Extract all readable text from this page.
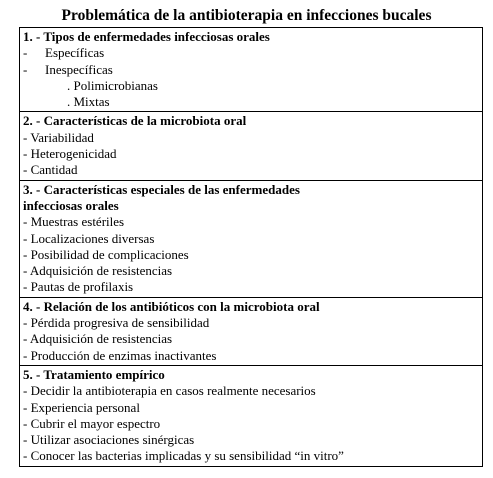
Problemática de la antibioterapia en infecciones bucales
1. - Tipos de enfermedades infecciosas orales
-	Específicas
-	Inespecíficas
. Polimicrobianas
. Mixtas

2. - Características de la microbiota oral
- Variabilidad
- Heterogenicidad
- Cantidad

3. - Características especiales de las enfermedades
infecciosas orales
- Muestras estériles
- Localizaciones diversas
- Posibilidad de complicaciones
- Adquisición de resistencias
- Pautas de profilaxis

4. - Relación de los antibióticos con la microbiota oral
- Pérdida progresiva de sensibilidad
- Adquisición de resistencias
- Producción de enzimas inactivantes

5. - Tratamiento empírico
- Decidir la antibioterapia en casos realmente necesarios
- Experiencia personal
- Cubrir el mayor espectro
- Utilizar asociaciones sinérgicas
- Conocer las bacterias implicadas y su sensibilidad “in vitro”
